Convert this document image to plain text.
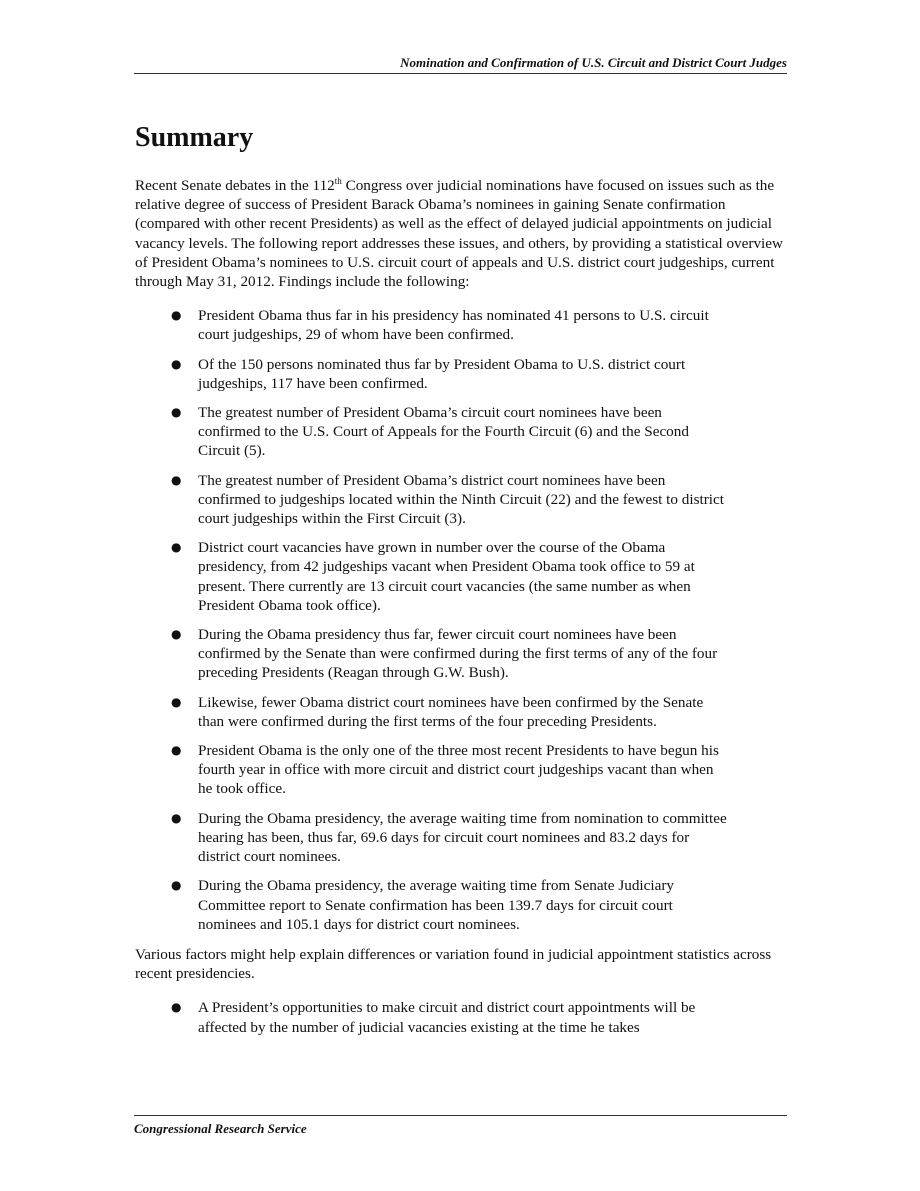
Nomination and Confirmation of U.S. Circuit and District Court Judges
Summary

Recent Senate debates in the 112th Congress over judicial nominations have focused on issues such as the relative degree of success of President Barack Obama’s nominees in gaining Senate confirmation (compared with other recent Presidents) as well as the effect of delayed judicial appointments on judicial vacancy levels. The following report addresses these issues, and others, by providing a statistical overview of President Obama’s nominees to U.S. circuit court of appeals and U.S. district court judgeships, current through May 31, 2012. Findings include the following:

● President Obama thus far in his presidency has nominated 41 persons to U.S. circuit court judgeships, 29 of whom have been confirmed.
● Of the 150 persons nominated thus far by President Obama to U.S. district court judgeships, 117 have been confirmed.
● The greatest number of President Obama’s circuit court nominees have been confirmed to the U.S. Court of Appeals for the Fourth Circuit (6) and the Second Circuit (5).
● The greatest number of President Obama’s district court nominees have been confirmed to judgeships located within the Ninth Circuit (22) and the fewest to district court judgeships within the First Circuit (3).
● District court vacancies have grown in number over the course of the Obama presidency, from 42 judgeships vacant when President Obama took office to 59 at present. There currently are 13 circuit court vacancies (the same number as when President Obama took office).
● During the Obama presidency thus far, fewer circuit court nominees have been confirmed by the Senate than were confirmed during the first terms of any of the four preceding Presidents (Reagan through G.W. Bush).
● Likewise, fewer Obama district court nominees have been confirmed by the Senate than were confirmed during the first terms of the four preceding Presidents.
● President Obama is the only one of the three most recent Presidents to have begun his fourth year in office with more circuit and district court judgeships vacant than when he took office.
● During the Obama presidency, the average waiting time from nomination to committee hearing has been, thus far, 69.6 days for circuit court nominees and 83.2 days for district court nominees.
● During the Obama presidency, the average waiting time from Senate Judiciary Committee report to Senate confirmation has been 139.7 days for circuit court nominees and 105.1 days for district court nominees.

Various factors might help explain differences or variation found in judicial appointment statistics across recent presidencies.

● A President’s opportunities to make circuit and district court appointments will be affected by the number of judicial vacancies existing at the time he takes
Congressional Research Service
